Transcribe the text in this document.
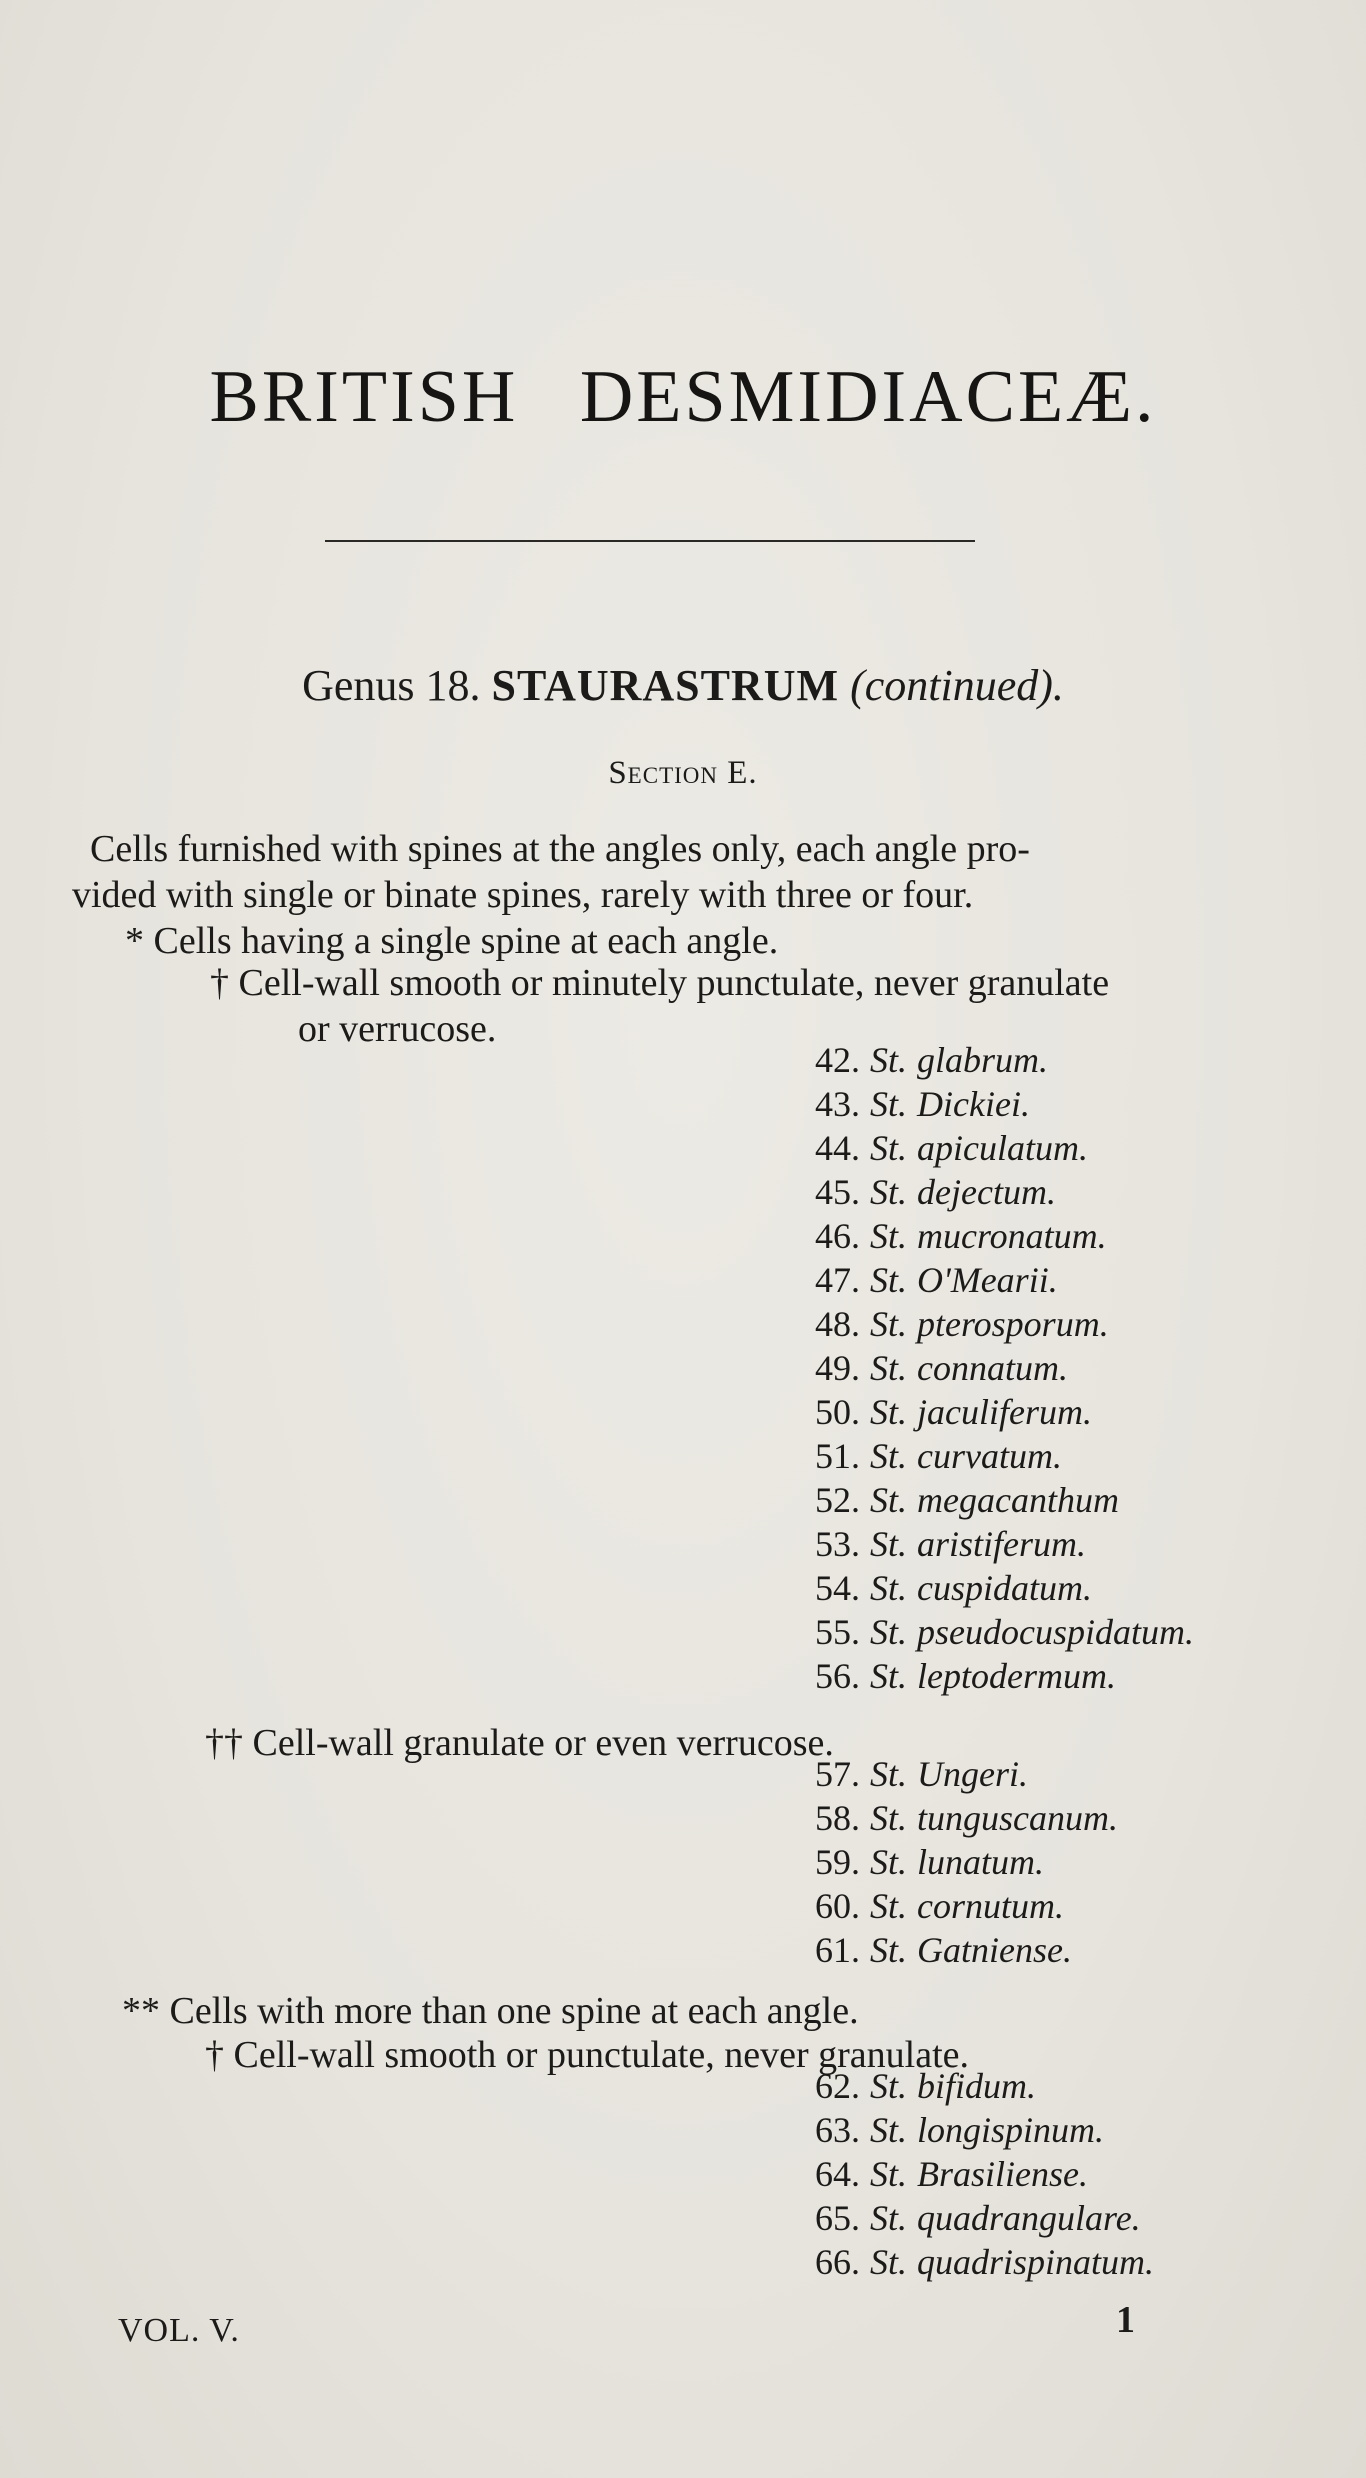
BRITISH DESMIDIACEÆ.
Genus 18. STAURASTRUM (continued).
Section E.
Cells furnished with spines at the angles only, each angle pro-
vided with single or binate spines, rarely with three or four.
* Cells having a single spine at each angle.
† Cell-wall smooth or minutely punctulate, never granulate
or verrucose.
42. St. glabrum.
43. St. Dickiei.
44. St. apiculatum.
45. St. dejectum.
46. St. mucronatum.
47. St. O'Mearii.
48. St. pterosporum.
49. St. connatum.
50. St. jaculiferum.
51. St. curvatum.
52. St. megacanthum
53. St. aristiferum.
54. St. cuspidatum.
55. St. pseudocuspidatum.
56. St. leptodermum.
†† Cell-wall granulate or even verrucose.
57. St. Ungeri.
58. St. tunguscanum.
59. St. lunatum.
60. St. cornutum.
61. St. Gatniense.
** Cells with more than one spine at each angle.
† Cell-wall smooth or punctulate, never granulate.
62. St. bifidum.
63. St. longispinum.
64. St. Brasiliense.
65. St. quadrangulare.
66. St. quadrispinatum.
VOL. V.	1
